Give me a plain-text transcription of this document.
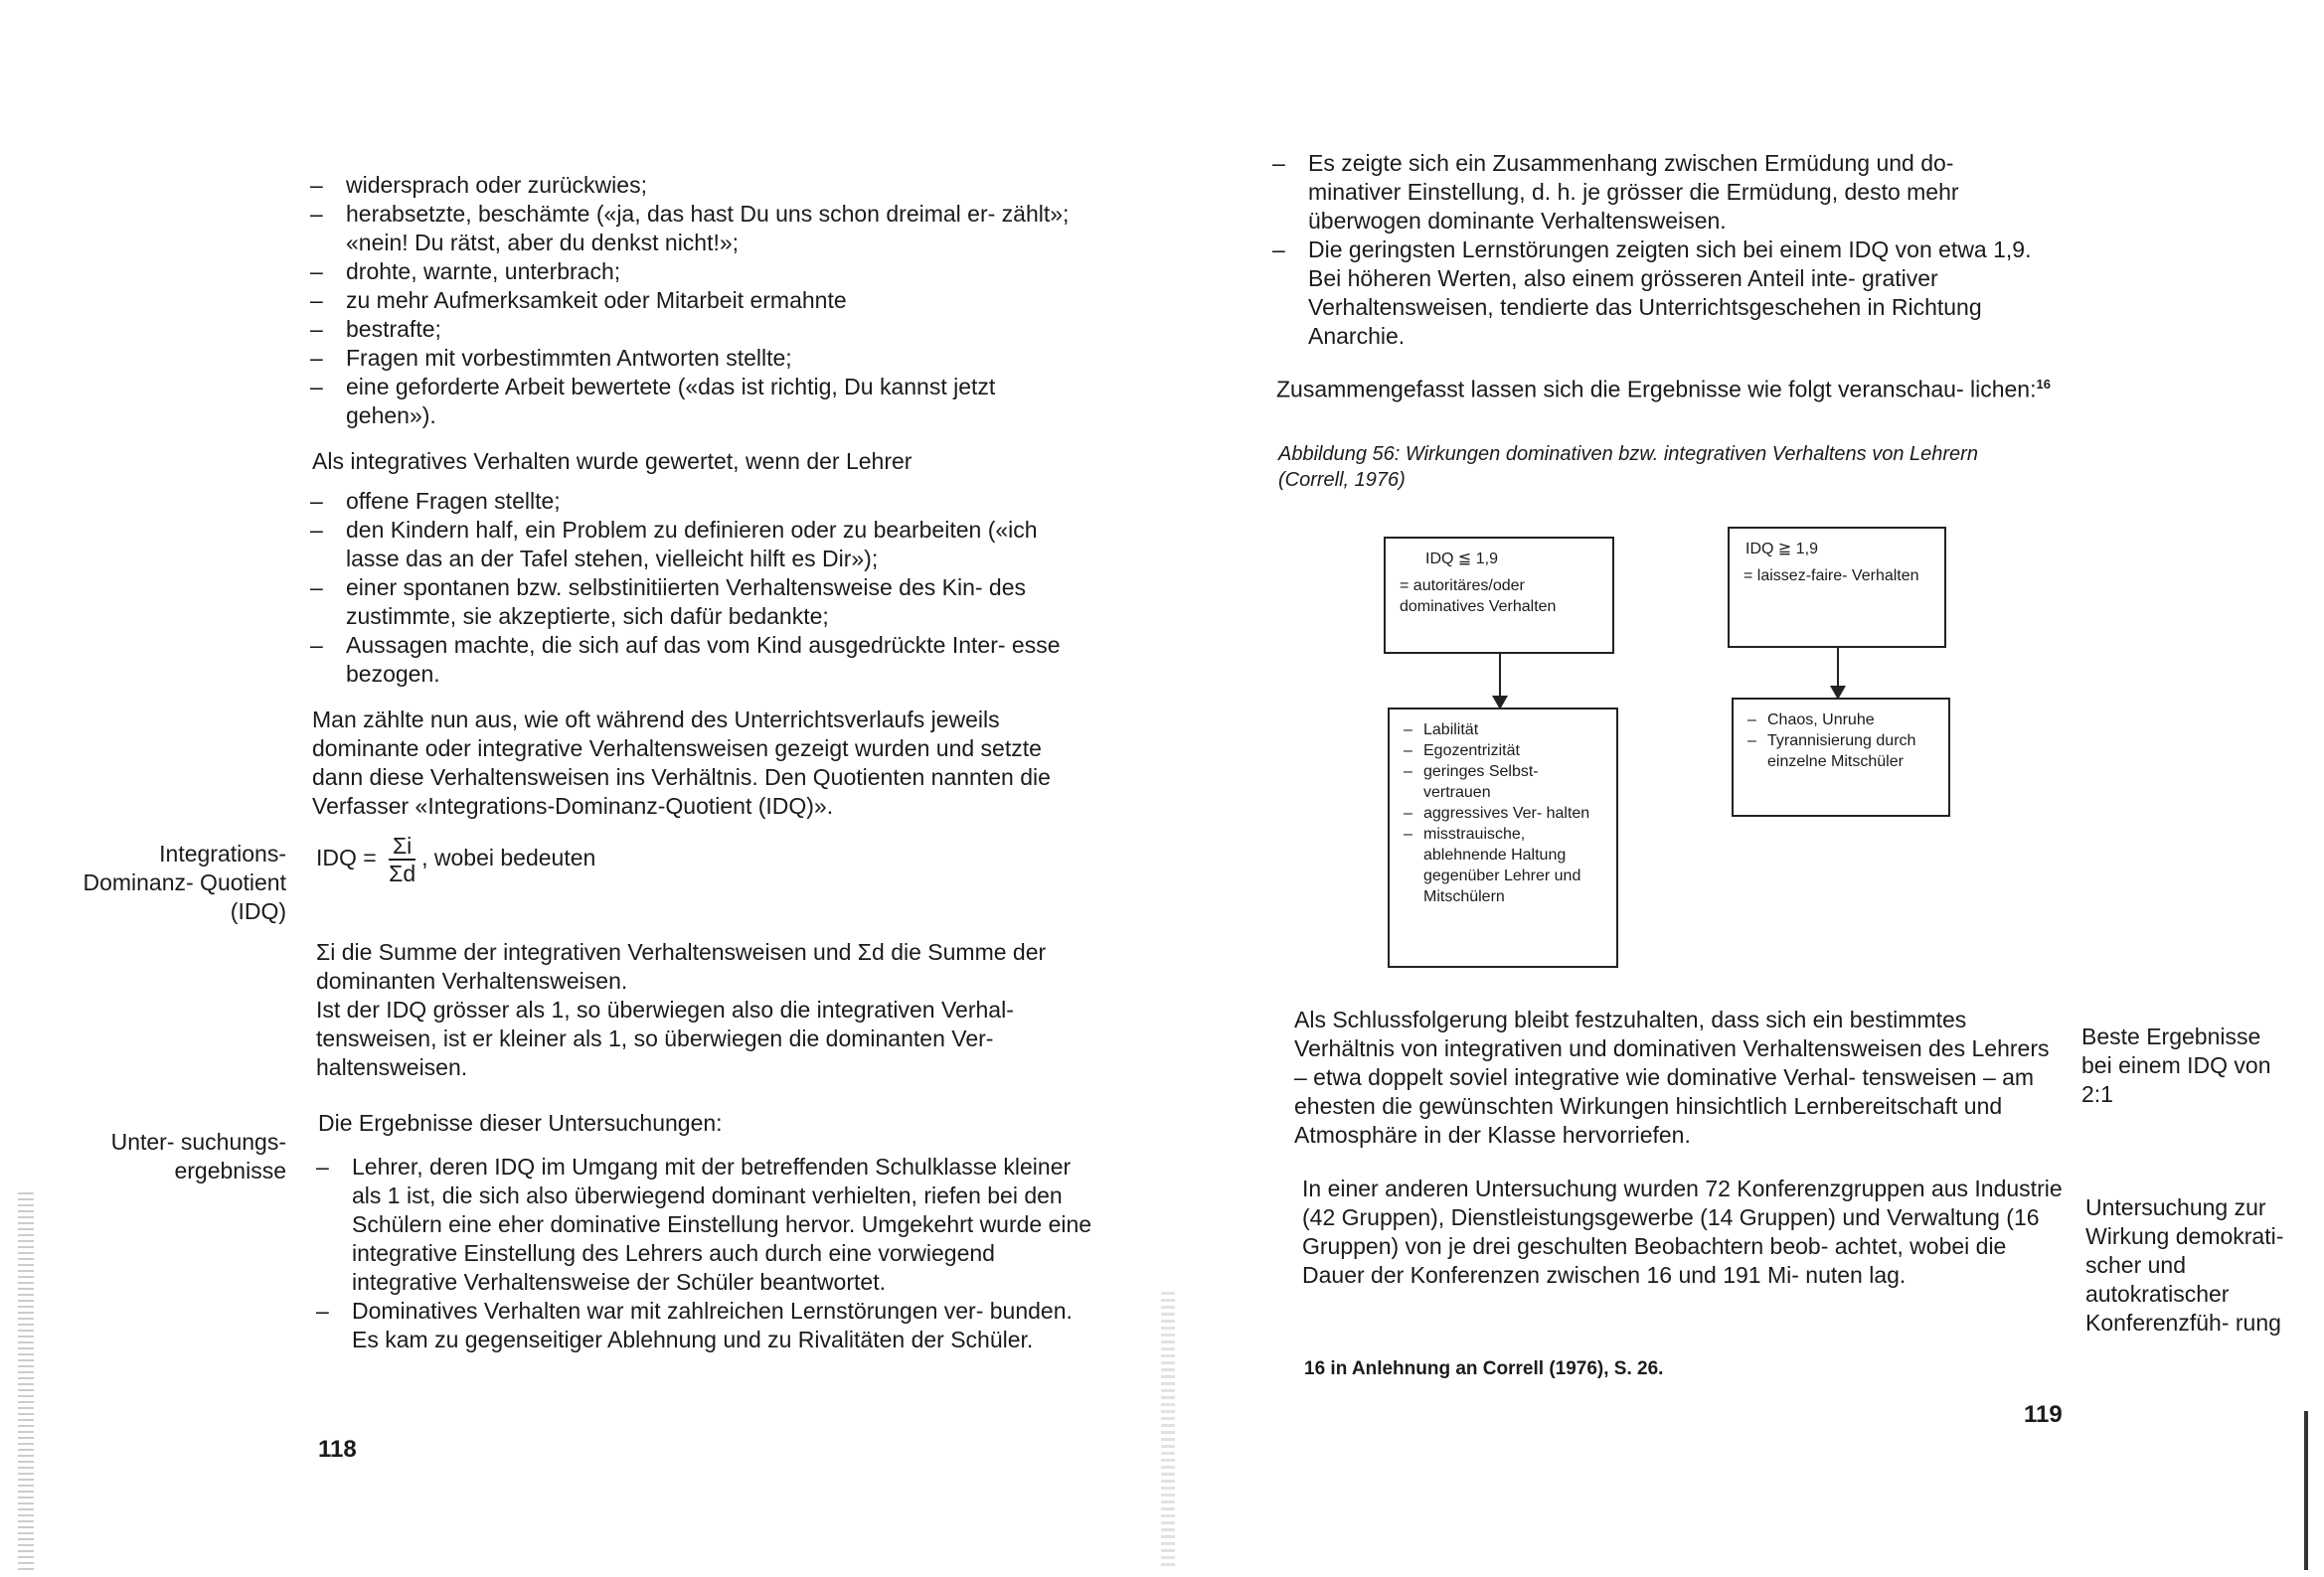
– widersprach oder zurückwies;
– herabsetzte, beschämte («ja, das hast Du uns schon dreimal er- zählt»; «nein! Du rätst, aber du denkst nicht!»;
– drohte, warnte, unterbrach;
– zu mehr Aufmerksamkeit oder Mitarbeit ermahnte
– bestrafte;
– Fragen mit vorbestimmten Antworten stellte;
– eine geforderte Arbeit bewertete («das ist richtig, Du kannst jetzt gehen»).

Als integratives Verhalten wurde gewertet, wenn der Lehrer

– offene Fragen stellte;
– den Kindern half, ein Problem zu definieren oder zu bearbeiten («ich lasse das an der Tafel stehen, vielleicht hilft es Dir»);
– einer spontanen bzw. selbstinitiierten Verhaltensweise des Kin- des zustimmte, sie akzeptierte, sich dafür bedankte;
– Aussagen machte, die sich auf das vom Kind ausgedrückte Inter- esse bezogen.

Man zählte nun aus, wie oft während des Unterrichtsverlaufs jeweils dominante oder integrative Verhaltensweisen gezeigt wurden und setzte dann diese Verhaltensweisen ins Verhältnis. Den Quotienten nannten die Verfasser «Integrations-Dominanz-Quotient (IDQ)».

Integrations- Dominanz- Quotient (IDQ)

IDQ = $\frac{\Sigma i}{\Sigma d}$ , wobei bedeuten

Σi die Summe der integrativen Verhaltensweisen und Σd die Summe der dominanten Verhaltensweisen.

Ist der IDQ grösser als 1, so überwiegen also die integrativen Verhal- tensweisen, ist er kleiner als 1, so überwiegen die dominanten Ver- haltensweisen.

Unter- suchungs- ergebnisse

Die Ergebnisse dieser Untersuchungen:

– Lehrer, deren IDQ im Umgang mit der betreffenden Schulklasse kleiner als 1 ist, die sich also überwiegend dominant verhielten, riefen bei den Schülern eine eher dominative Einstellung hervor. Umgekehrt wurde eine integrative Einstellung des Lehrers auch durch eine vorwiegend integrative Verhaltensweise der Schüler beantwortet.
– Dominatives Verhalten war mit zahlreichen Lernstörungen ver- bunden. Es kam zu gegenseitiger Ablehnung und zu Rivalitäten der Schüler.
118
– Es zeigte sich ein Zusammenhang zwischen Ermüdung und do- minativer Einstellung, d. h. je grösser die Ermüdung, desto mehr überwogen dominante Verhaltensweisen.
– Die geringsten Lernstörungen zeigten sich bei einem IDQ von etwa 1,9. Bei höheren Werten, also einem grösseren Anteil inte- grativer Verhaltensweisen, tendierte das Unterrichtsgeschehen in Richtung Anarchie.

Zusammengefasst lassen sich die Ergebnisse wie folgt veranschau- lichen:$^{16}$

Abbildung 56: Wirkungen dominativen bzw. integrativen Verhaltens von Lehrern (Correll, 1976)

IDQ ≦ 1,9
= autoritäres/oder dominatives Verhalten
– Labilität
– Egozentrizität
– geringes Selbst- vertrauen
– aggressives Ver- halten
– misstrauische, ablehnende Haltung gegenüber Lehrer und Mitschülern
IDQ ≧ 1,9
= laissez-faire- Verhalten
– Chaos, Unruhe
– Tyrannisierung durch einzelne Mitschüler

Als Schlussfolgerung bleibt festzuhalten, dass sich ein bestimmtes Verhältnis von integrativen und dominativen Verhaltensweisen des Lehrers – etwa doppelt soviel integrative wie dominative Verhal- tensweisen – am ehesten die gewünschten Wirkungen hinsichtlich Lernbereitschaft und Atmosphäre in der Klasse hervorriefen.

Beste Ergebnisse bei einem IDQ von 2:1

In einer anderen Untersuchung wurden 72 Konferenzgruppen aus Industrie (42 Gruppen), Dienstleistungsgewerbe (14 Gruppen) und Verwaltung (16 Gruppen) von je drei geschulten Beobachtern beob- achtet, wobei die Dauer der Konferenzen zwischen 16 und 191 Mi- nuten lag.

Untersuchung zur Wirkung demokrati- scher und autokratischer Konferenzfüh- rung

16 in Anlehnung an Correll (1976), S. 26.

119
